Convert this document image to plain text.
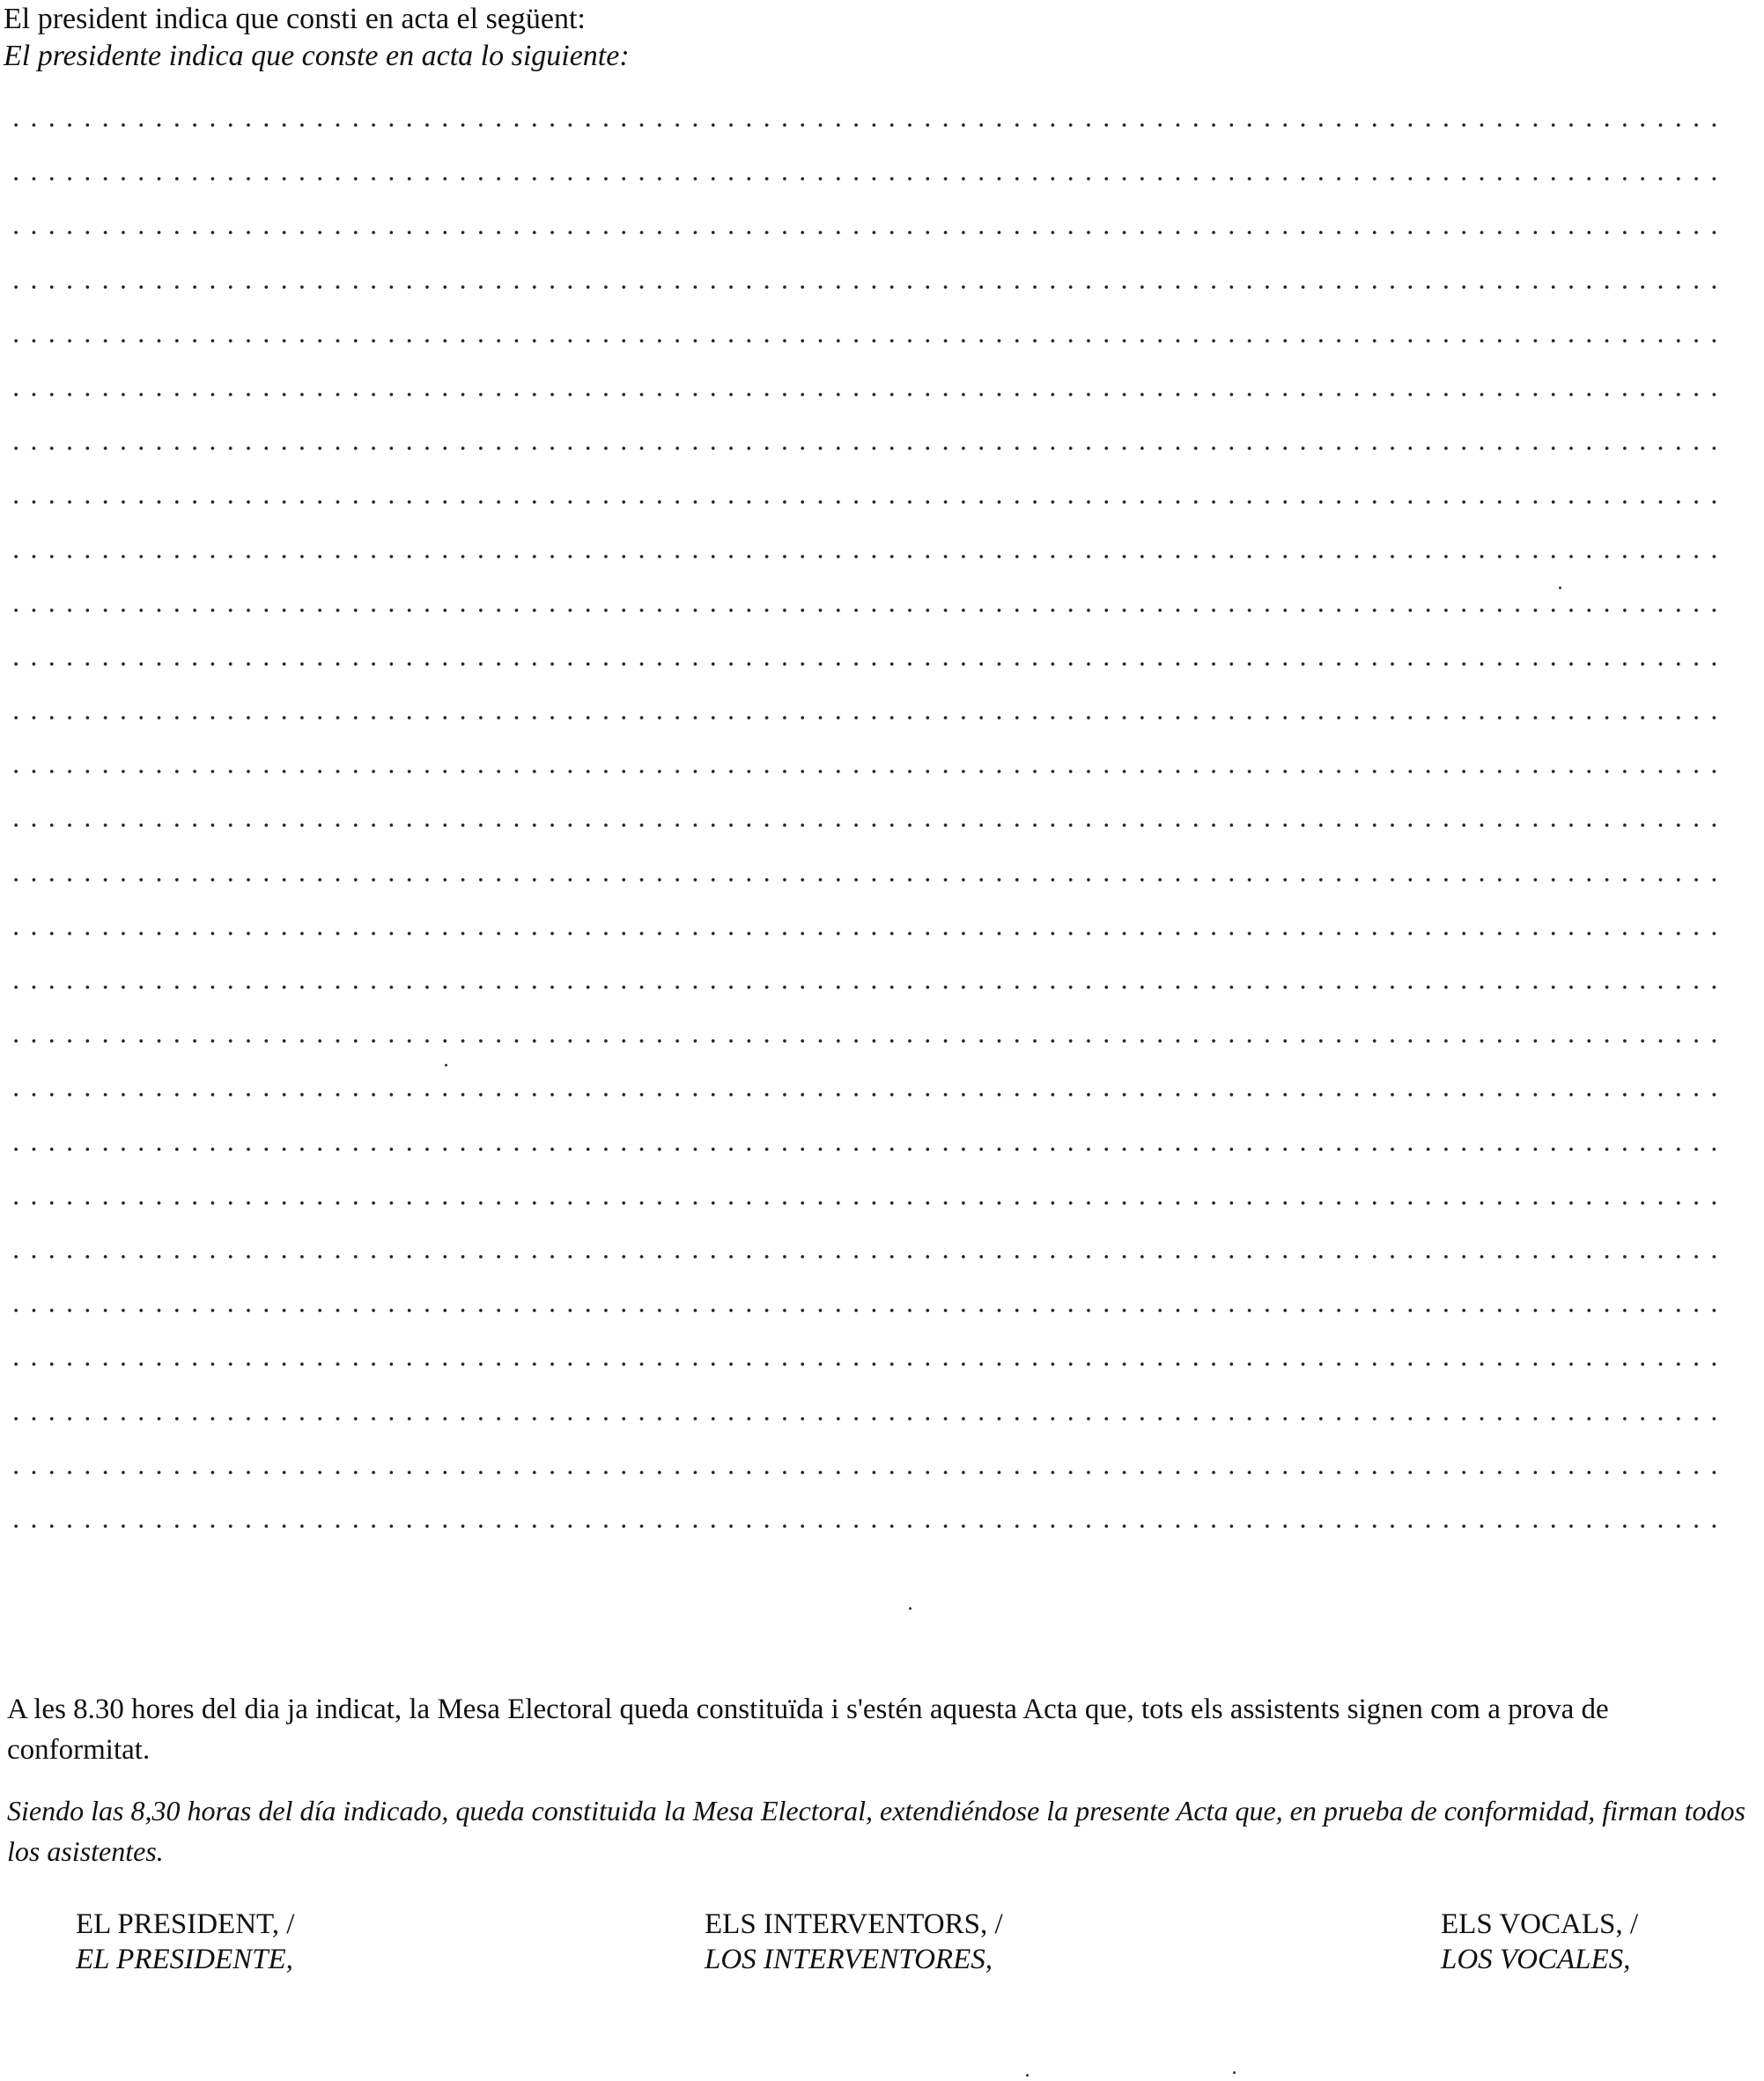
El president indica que consti en acta el següent:
El presidente indica que conste en acta lo siguiente:
A les 8.30 hores del dia ja indicat, la Mesa Electoral queda constituïda i s'estén aquesta Acta que, tots els assistents signen com a prova de conformitat.
Siendo las 8,30 horas del día indicado, queda constituida la Mesa Electoral, extendiéndose la presente Acta que, en prueba de conformidad, firman todos los asistentes.
EL PRESIDENT, /
EL PRESIDENTE,
ELS INTERVENTORS, /
LOS INTERVENTORES,
ELS VOCALS, /
LOS VOCALES,
